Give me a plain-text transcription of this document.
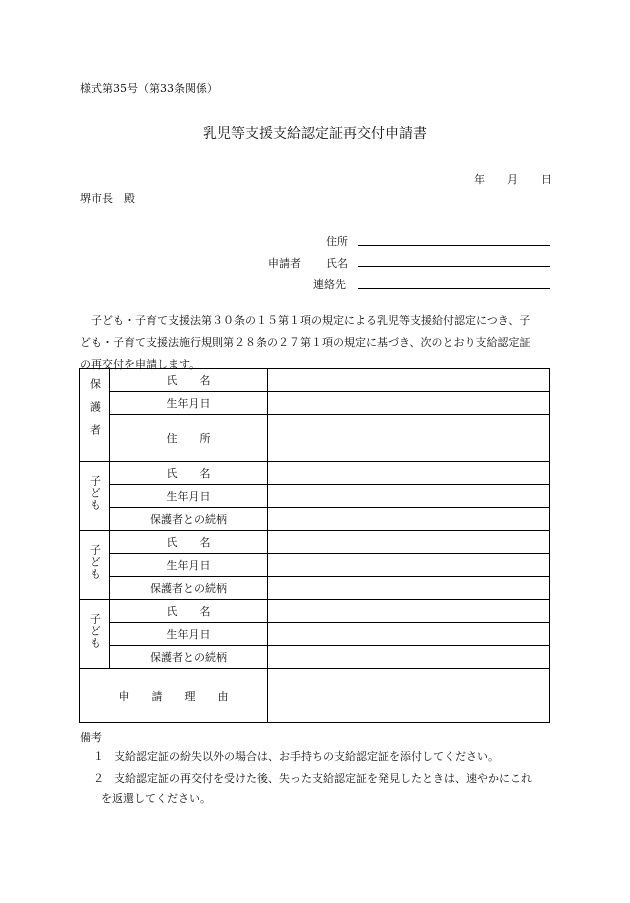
様式第35号（第33条関係）
乳児等支援支給認定証再交付申請書
年 月 日
堺市長　殿
住所
申請者 氏名
連絡先

　子ども・子育て支援法第３０条の１５第１項の規定による乳児等支援給付認定につき、子

ども・子育て支援法施行規則第２８条の２７第１項の規定に基づき、次のとおり支給認定証

の再交付を申請します。

保護者	氏　　名	
	生年月日	
	住　　所	
子ども	氏　　名	
	生年月日	
	保護者との続柄	
子ども	氏　　名	
	生年月日	
	保護者との続柄	
子ども	氏　　名	
	生年月日	
	保護者との続柄	
申　　請　　理　　由		
備考
１ 支給認定証の紛失以外の場合は、お手持ちの支給認定証を添付してください。
２ 支給認定証の再交付を受けた後、失った支給認定証を発見したときは、速やかにこれ
を返還してください。
